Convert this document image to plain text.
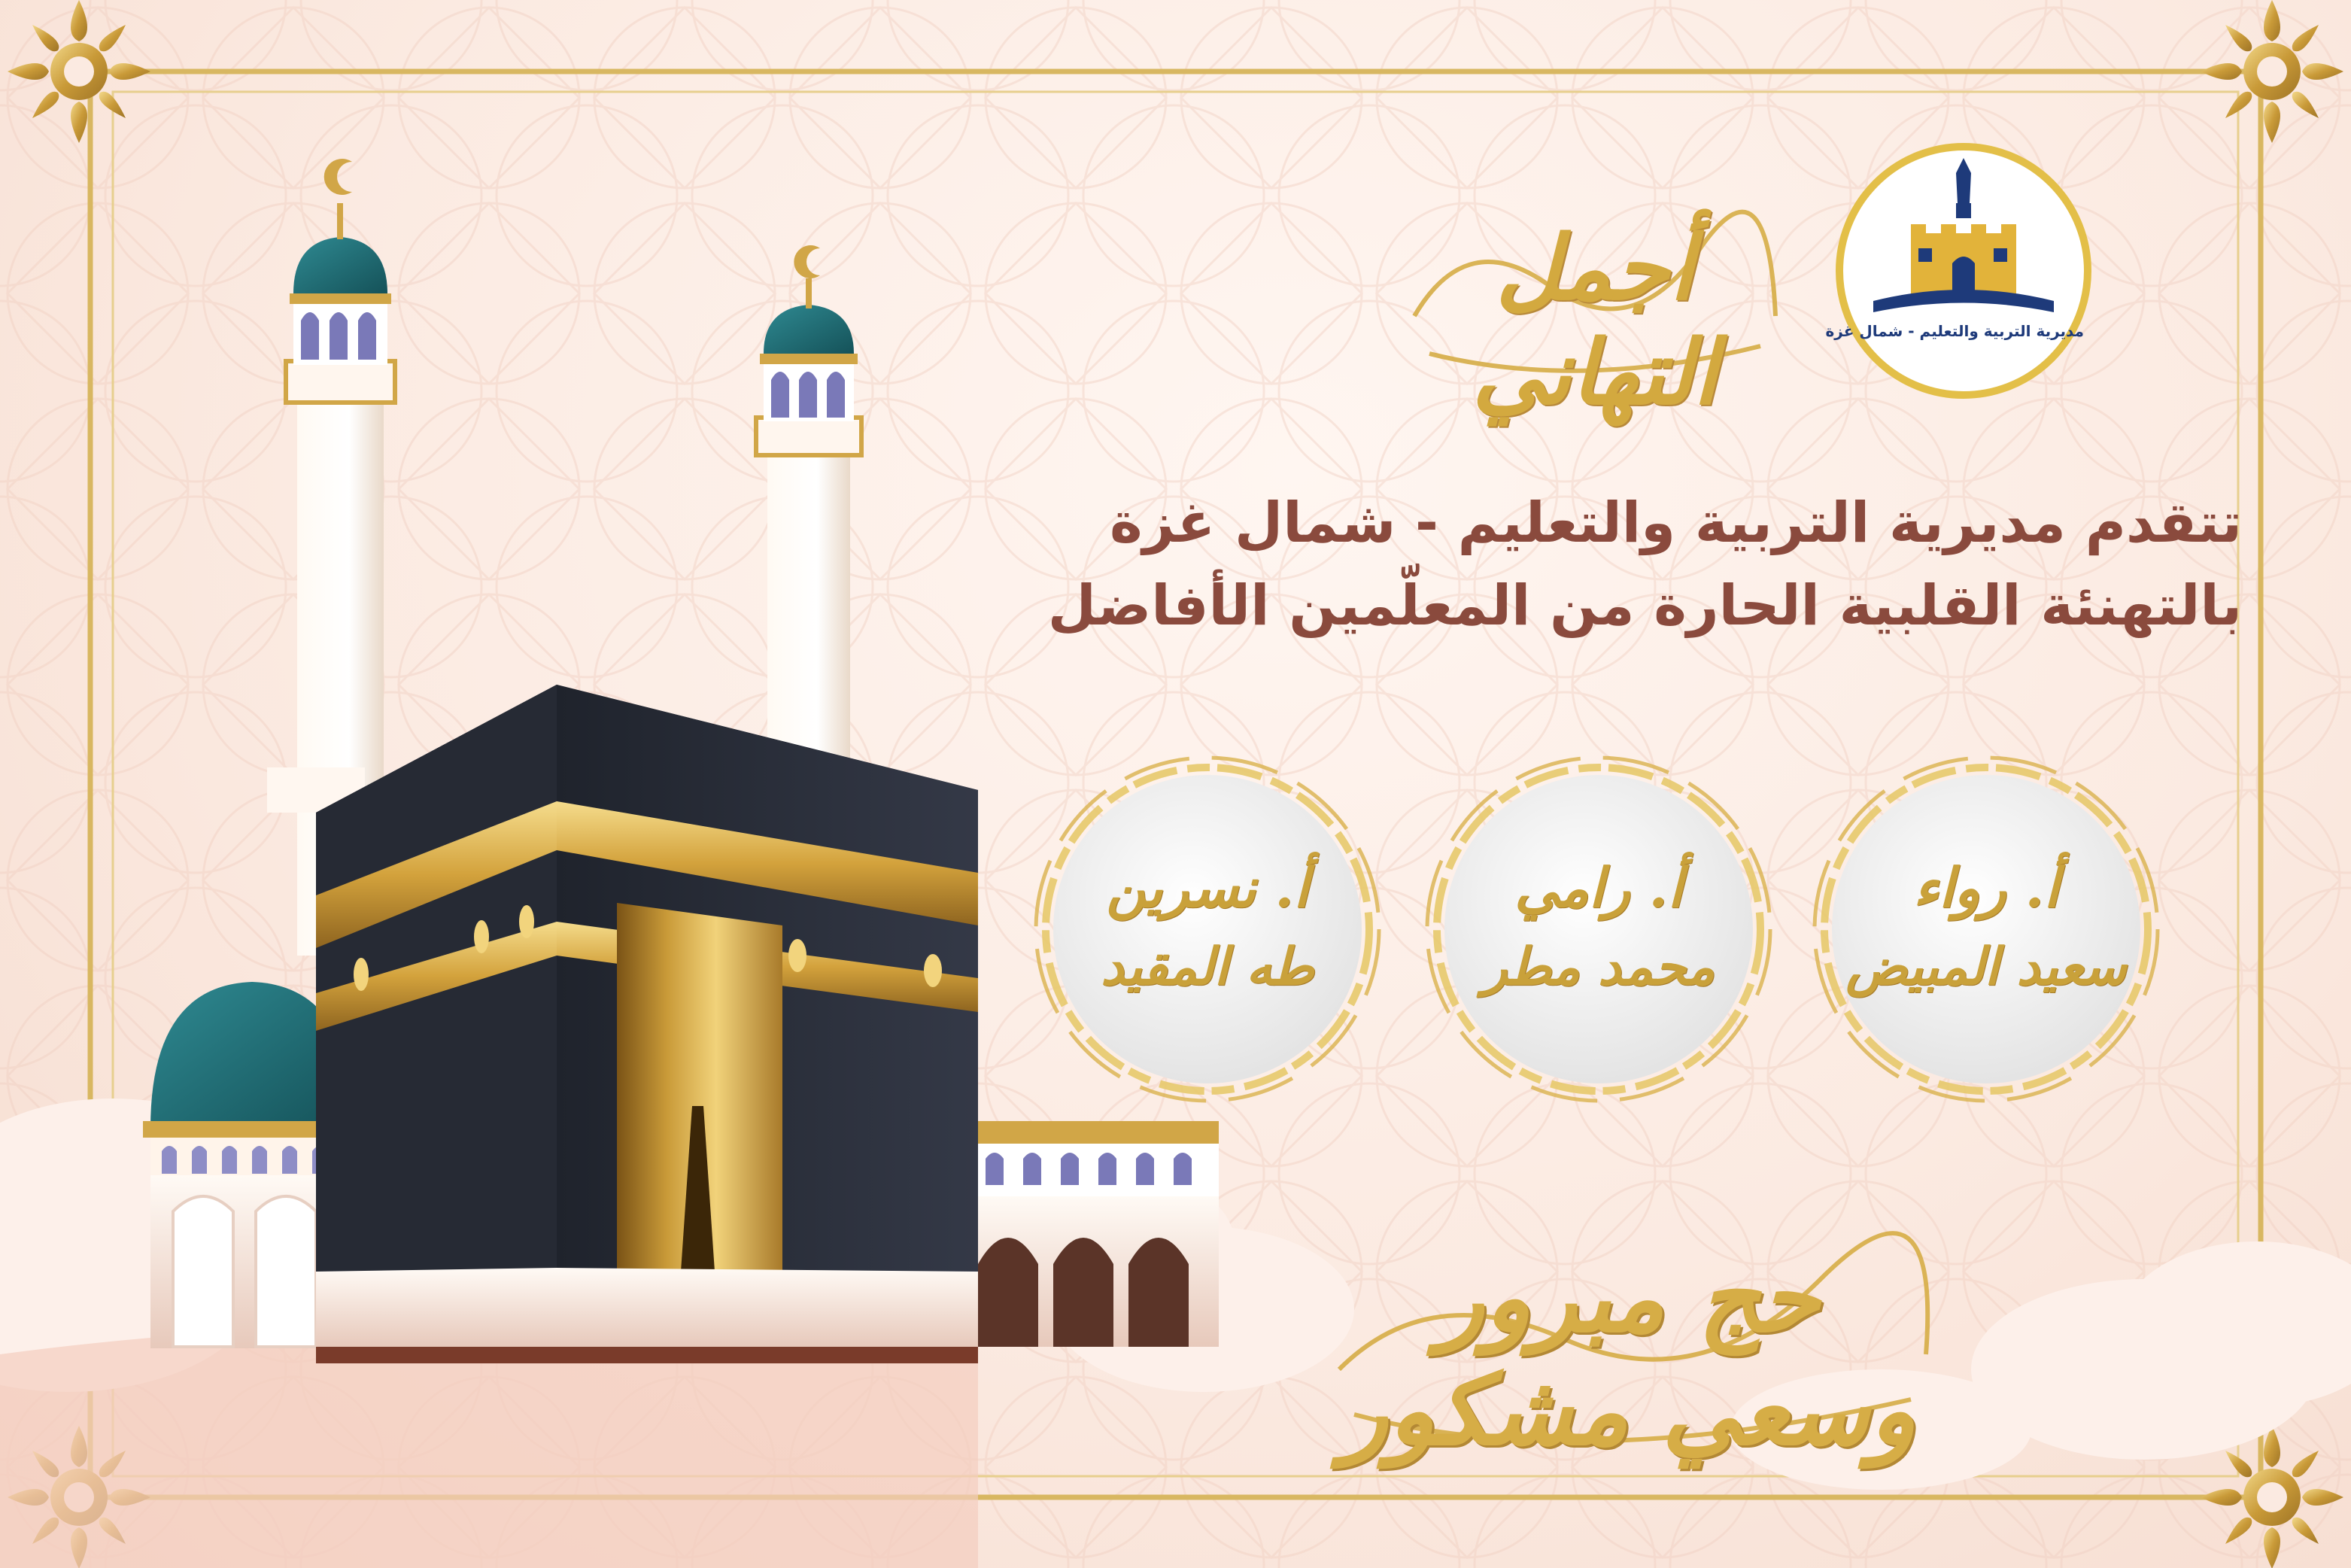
مديرية التربية والتعليم - شمال غزة
أجمل التهاني
تتقدم مديرية التربية والتعليم - شمال غزة
بالتهنئة القلبية الحارة من المعلّمين الأفاضل
أ. رواء
سعيد المبيض
أ. رامي
محمد مطر
أ. نسرين
طه المقيد
حج مبرور وسعي مشكور
